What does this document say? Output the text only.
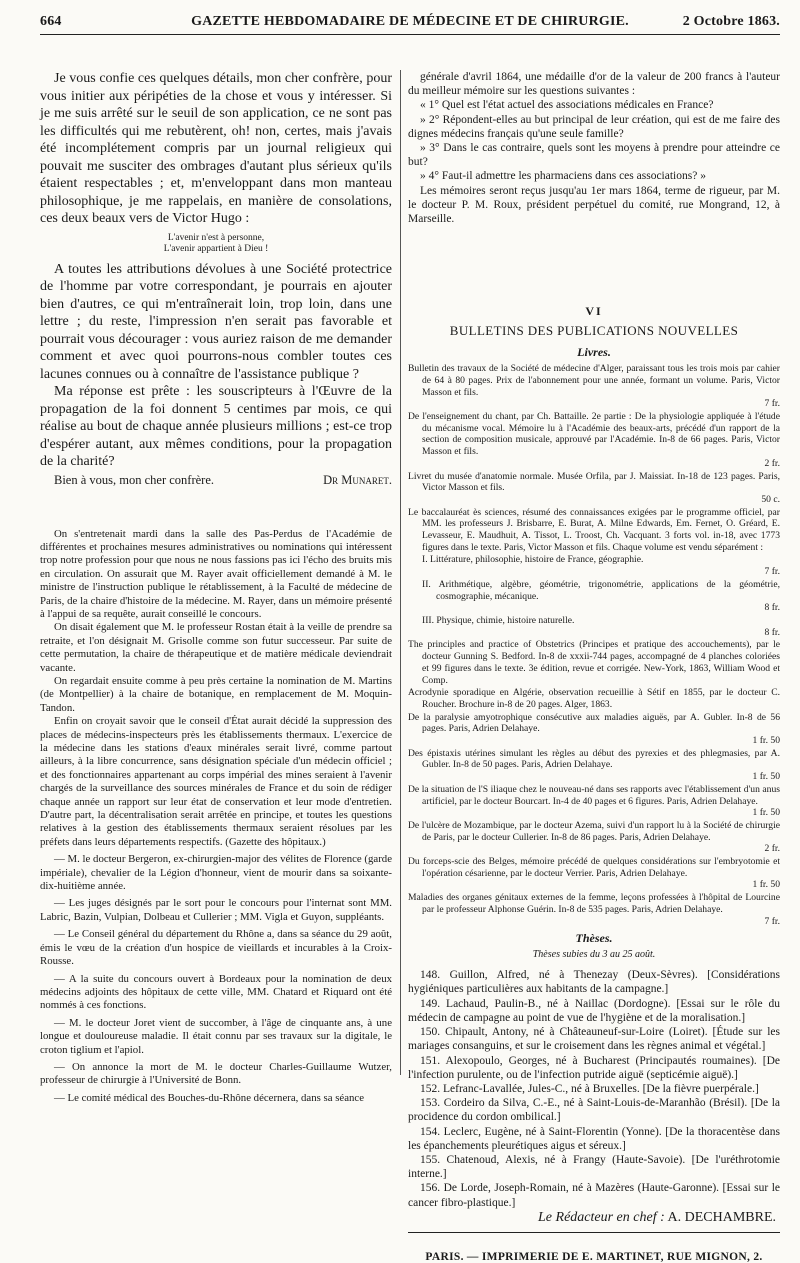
664	GAZETTE HEBDOMADAIRE DE MÉDECINE ET DE CHIRURGIE.	2 Octobre 1863.

Je vous confie ces quelques détails, mon cher confrère, pour vous initier aux péripéties de la chose et vous y intéresser. Si je me suis arrêté sur le seuil de son application, ce ne sont pas les difficultés qui me rebutèrent, oh! non, certes, mais j'avais été incomplétement compris par un journal religieux qui pouvait me susciter des ombrages d'autant plus sérieux qu'ils étaient respectables ; et, m'enveloppant dans mon manteau philosophique, je me rappelais, en manière de consolations, ces deux beaux vers de Victor Hugo :

L'avenir n'est à personne,
L'avenir appartient à Dieu !

A toutes les attributions dévolues à une Société protectrice de l'homme par votre correspondant, je pourrais en ajouter bien d'autres, ce qui m'entraînerait loin, trop loin, dans une lettre ; du reste, l'impression n'en serait pas favorable et pourrait vous décourager : vous auriez raison de me demander comment et avec quoi pourrons-nous combler toutes ces lacunes connues ou à connaître de l'assistance publique ?

Ma réponse est prête : les souscripteurs à l'Œuvre de la propagation de la foi donnent 5 centimes par mois, ce qui réalise au bout de chaque année plusieurs millions ; est-ce trop d'espérer autant, aux mêmes conditions, pour la propagation de la charité?

Bien à vous, mon cher confrère.	Dr Munaret.

On s'entretenait mardi dans la salle des Pas-Perdus de l'Académie de différentes et prochaines mesures administratives ou nominations qui intéressent trop notre profession pour que nous ne nous fassions pas ici l'écho des bruits mis en circulation. On assurait que M. Rayer avait officiellement demandé à M. le ministre de l'instruction publique le rétablissement, à la Faculté de médecine de Paris, de la chaire d'histoire de la médecine. M. Rayer, dans un mémoire présenté à l'appui de sa requête, aurait conseillé le concours.

On disait également que M. le professeur Rostan était à la veille de prendre sa retraite, et l'on désignait M. Grisolle comme son futur successeur. Par suite de cette permutation, la chaire de thérapeutique et de matière médicale deviendrait vacante.

On regardait ensuite comme à peu près certaine la nomination de M. Martins (de Montpellier) à la chaire de botanique, en remplacement de M. Moquin-Tandon.

Enfin on croyait savoir que le conseil d'État aurait décidé la suppression des places de médecins-inspecteurs près les établissements thermaux. L'exercice de la médecine dans les stations d'eaux minérales serait livré, comme partout ailleurs, à la libre concurrence, sans désignation spéciale d'un médecin officiel ; et des fonctionnaires appartenant au corps impérial des mines seraient à l'avenir chargés de la surveillance des sources minérales de France et du soin de rédiger chaque année un rapport sur leur état de conservation et leur mode d'entretien. D'autre part, la décentralisation serait arrêtée en principe, et toutes les questions relatives à la gestion des établissements thermaux seraient résolues par les préfets dans leurs départements respectifs. (Gazette des hôpitaux.)

— M. le docteur Bergeron, ex-chirurgien-major des vélites de Florence (garde impériale), chevalier de la Légion d'honneur, vient de mourir dans sa soixante-dix-huitième année.

— Les juges désignés par le sort pour le concours pour l'internat sont MM. Labric, Bazin, Vulpian, Dolbeau et Cullerier ; MM. Vigla et Guyon, suppléants.

— Le Conseil général du département du Rhône a, dans sa séance du 29 août, émis le vœu de la création d'un hospice de vieillards et incurables à la Croix-Rousse.

— A la suite du concours ouvert à Bordeaux pour la nomination de deux médecins adjoints des hôpitaux de cette ville, MM. Chatard et Riquard ont été nommés à ces fonctions.

— M. le docteur Joret vient de succomber, à l'âge de cinquante ans, à une longue et douloureuse maladie. Il était connu par ses travaux sur la digitale, le croton tiglium et l'apiol.

— On annonce la mort de M. le docteur Charles-Guillaume Wutzer, professeur de chirurgie à l'Université de Bonn.

— Le comité médical des Bouches-du-Rhône décernera, dans sa séance

générale d'avril 1864, une médaille d'or de la valeur de 200 francs à l'auteur du meilleur mémoire sur les questions suivantes :

« 1° Quel est l'état actuel des associations médicales en France?

» 2° Répondent-elles au but principal de leur création, qui est de me faire des dignes médecins français qu'une seule famille?

» 3° Dans le cas contraire, quels sont les moyens à prendre pour atteindre ce but?

» 4° Faut-il admettre les pharmaciens dans ces associations? »

Les mémoires seront reçus jusqu'au 1er mars 1864, terme de rigueur, par M. le docteur P. M. Roux, président perpétuel du comité, rue Mongrand, 12, à Marseille.

VI
BULLETINS DES PUBLICATIONS NOUVELLES
Livres.
Bulletin des travaux de la Société de médecine d'Alger, paraissant tous les trois mois par cahier de 64 à 80 pages. Prix de l'abonnement pour une année, formant un volume. Paris, Victor Masson et fils.
7 fr.
De l'enseignement du chant, par Ch. Battaille. 2e partie : De la physiologie appliquée à l'étude du mécanisme vocal. Mémoire lu à l'Académie des beaux-arts, précédé d'un rapport de la section de composition musicale, approuvé par l'Académie. In-8 de 66 pages. Paris, Victor Masson et fils.
2 fr.
Livret du musée d'anatomie normale. Musée Orfila, par J. Maissiat. In-18 de 123 pages. Paris, Victor Masson et fils.
50 c.
Le baccalauréat ès sciences, résumé des connaissances exigées par le programme officiel, par MM. les professeurs J. Brisbarre, E. Burat, A. Milne Edwards, Em. Fernet, O. Gréard, E. Levasseur, E. Maudhuit, A. Tissot, L. Troost, Ch. Vacquant. 3 forts vol. in-18, avec 1773 figures dans le texte. Paris, Victor Masson et fils. Chaque volume est vendu séparément :
I. Littérature, philosophie, histoire de France, géographie.
7 fr.
II. Arithmétique, algèbre, géométrie, trigonométrie, applications de la géométrie, cosmographie, mécanique.
8 fr.
III. Physique, chimie, histoire naturelle.
8 fr.
The principles and practice of Obstetrics (Principes et pratique des accouchements), par le docteur Gunning S. Bedford. In-8 de xxxii-744 pages, accompagné de 4 planches coloriées et 99 figures dans le texte. 3e édition, revue et corrigée. New-York, 1863, William Wood et Comp.
Acrodynie sporadique en Algérie, observation recueillie à Sétif en 1855, par le docteur C. Roucher. Brochure in-8 de 20 pages. Alger, 1863.
De la paralysie amyotrophique consécutive aux maladies aiguës, par A. Gubler. In-8 de 56 pages. Paris, Adrien Delahaye.
1 fr. 50
Des épistaxis utérines simulant les règles au début des pyrexies et des phlegmasies, par A. Gubler. In-8 de 50 pages. Paris, Adrien Delahaye.
1 fr. 50
De la situation de l'S iliaque chez le nouveau-né dans ses rapports avec l'établissement d'un anus artificiel, par le docteur Bourcart. In-4 de 40 pages et 6 figures. Paris, Adrien Delahaye.
1 fr. 50
De l'ulcère de Mozambique, par le docteur Azema, suivi d'un rapport lu à la Société de chirurgie de Paris, par le docteur Cullerier. In-8 de 86 pages. Paris, Adrien Delahaye.
2 fr.
Du forceps-scie des Belges, mémoire précédé de quelques considérations sur l'embryotomie et l'opération césarienne, par le docteur Verrier. Paris, Adrien Delahaye.
1 fr. 50
Maladies des organes génitaux externes de la femme, leçons professées à l'hôpital de Lourcine par le professeur Alphonse Guérin. In-8 de 535 pages. Paris, Adrien Delahaye.
7 fr.
Thèses.
Thèses subies du 3 au 25 août.

148. Guillon, Alfred, né à Thenezay (Deux-Sèvres). [Considérations hygiéniques particulières aux habitants de la campagne.]

149. Lachaud, Paulin-B., né à Naillac (Dordogne). [Essai sur le rôle du médecin de campagne au point de vue de l'hygiène et de la moralisation.]

150. Chipault, Antony, né à Châteauneuf-sur-Loire (Loiret). [Étude sur les mariages consanguins, et sur le croisement dans les règnes animal et végétal.]

151. Alexopoulo, Georges, né à Bucharest (Principautés roumaines). [De l'infection purulente, ou de l'infection putride aiguë (septicémie aiguë).]

152. Lefranc-Lavallée, Jules-C., né à Bruxelles. [De la fièvre puerpérale.]

153. Cordeiro da Silva, C.-E., né à Saint-Louis-de-Maranhão (Brésil). [De la procidence du cordon ombilical.]

154. Leclerc, Eugène, né à Saint-Florentin (Yonne). [De la thoracentèse dans les épanchements pleurétiques aigus et séreux.]

155. Chatenoud, Alexis, né à Frangy (Haute-Savoie). [De l'uréthrotomie interne.]

156. De Lorde, Joseph-Romain, né à Mazères (Haute-Garonne). [Essai sur le cancer fibro-plastique.]

Le Rédacteur en chef : A. DECHAMBRE.
PARIS. — IMPRIMERIE DE E. MARTINET, RUE MIGNON, 2.
